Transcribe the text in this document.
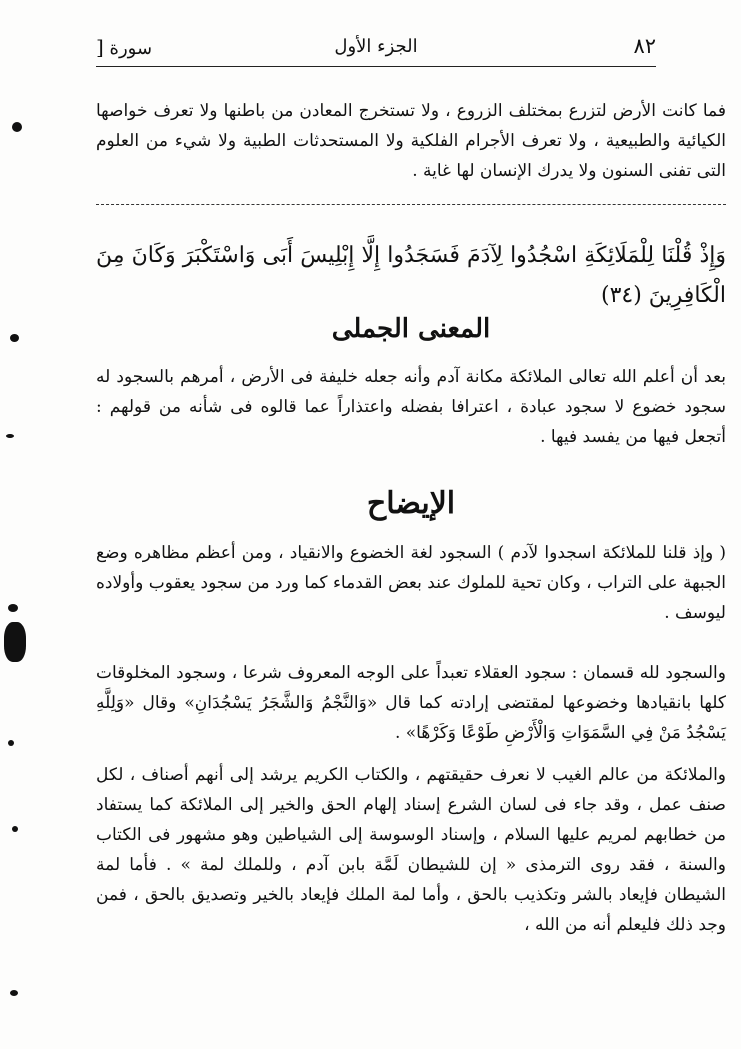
٨٢
الجزء الأول
سورة [

فما كانت الأرض لتزرع بمختلف الزروع ، ولا تستخرج المعادن من باطنها ولا تعرف خواصها الكيائية والطبيعية ، ولا تعرف الأجرام الفلكية ولا المستحدثات الطبية ولا شيء من العلوم التى تفنى السنون ولا يدرك الإنسان لها غاية .

وَإِذْ قُلْنَا لِلْمَلَائِكَةِ اسْجُدُوا لِآدَمَ فَسَجَدُوا إِلَّا إِبْلِيسَ أَبَى وَاسْتَكْبَرَ وَكَانَ مِنَ الْكَافِرِينَ (٣٤)

المعنى الجملى

بعد أن أعلم الله تعالى الملائكة مكانة آدم وأنه جعله خليفة فى الأرض ، أمرهم بالسجود له سجود خضوع لا سجود عبادة ، اعترافا بفضله واعتذاراً عما قالوه فى شأنه من قولهم : أتجعل فيها من يفسد فيها .

الإيضاح

( وإذ قلنا للملائكة اسجدوا لآدم ) السجود لغة الخضوع والانقياد ، ومن أعظم مظاهره وضع الجبهة على التراب ، وكان تحية للملوك عند بعض القدماء كما ورد من سجود يعقوب وأولاده ليوسف .

والسجود لله قسمان : سجود العقلاء تعبداً على الوجه المعروف شرعا ، وسجود المخلوقات كلها بانقيادها وخضوعها لمقتضى إرادته كما قال «وَالنَّجْمُ وَالشَّجَرُ يَسْجُدَانِ» وقال «وَلِلَّهِ يَسْجُدُ مَنْ فِي السَّمَوَاتِ وَالْأَرْضِ طَوْعًا وَكَرْهًا» .

والملائكة من عالم الغيب لا نعرف حقيقتهم ، والكتاب الكريم يرشد إلى أنهم أصناف ، لكل صنف عمل ، وقد جاء فى لسان الشرع إسناد إلهام الحق والخير إلى الملائكة كما يستفاد من خطابهم لمريم عليها السلام ، وإسناد الوسوسة إلى الشياطين وهو مشهور فى الكتاب والسنة ، فقد روى الترمذى « إن للشيطان لَمَّة بابن آدم ، وللملك لمة » . فأما لمة الشيطان فإيعاد بالشر وتكذيب بالحق ، وأما لمة الملك فإيعاد بالخير وتصديق بالحق ، فمن وجد ذلك فليعلم أنه من الله ،
